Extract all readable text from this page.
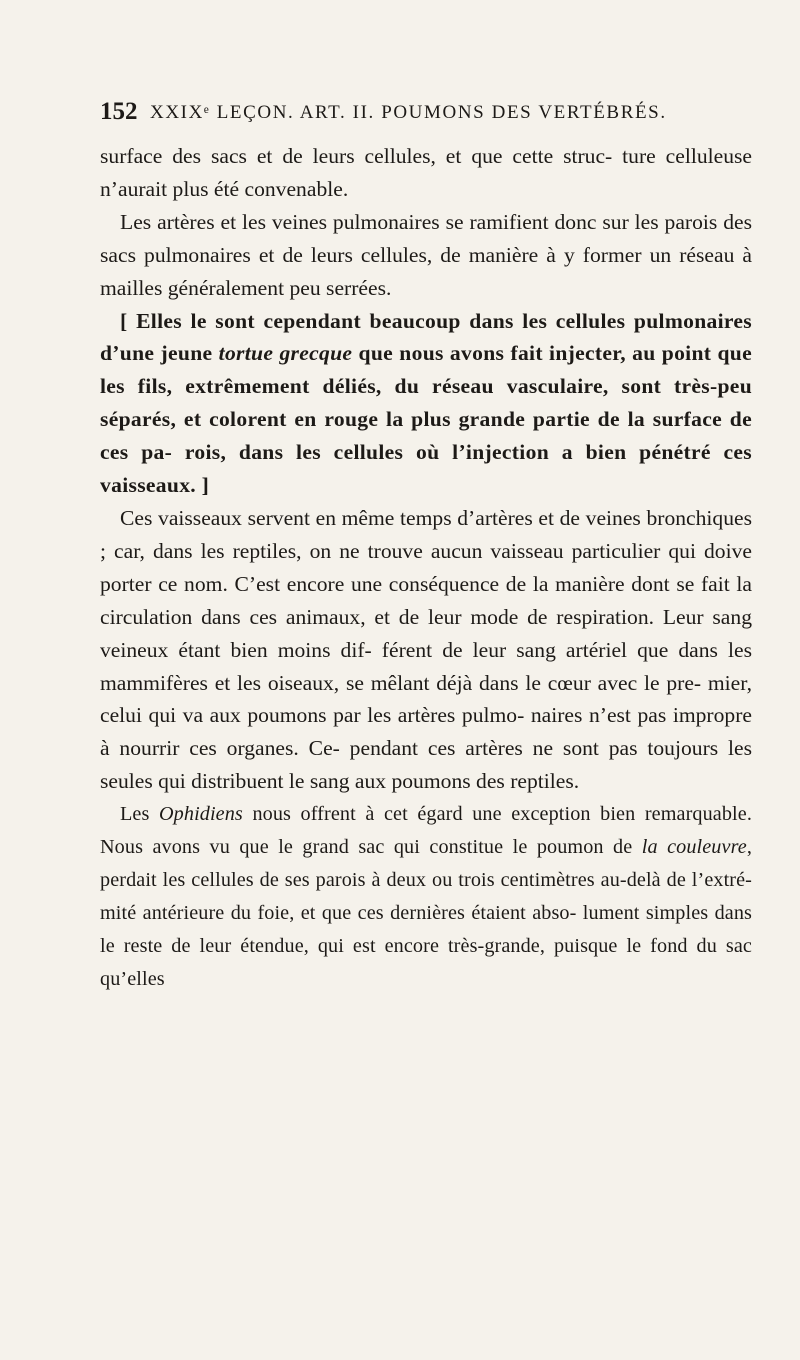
152 XXIXᵉ LEÇON. ART. II. POUMONS DES VERTÉBRÉS.

surface des sacs et de leurs cellules, et que cette struc- ture celluleuse n’aurait plus été convenable.

Les artères et les veines pulmonaires se ramifient donc sur les parois des sacs pulmonaires et de leurs cellules, de manière à y former un réseau à mailles généralement peu serrées.

[ Elles le sont cependant beaucoup dans les cellules pulmonaires d’une jeune tortue grecque que nous avons fait injecter, au point que les fils, extrêmement déliés, du réseau vasculaire, sont très-peu séparés, et colorent en rouge la plus grande partie de la surface de ces pa- rois, dans les cellules où l’injection a bien pénétré ces vaisseaux. ]

Ces vaisseaux servent en même temps d’artères et de veines bronchiques ; car, dans les reptiles, on ne trouve aucun vaisseau particulier qui doive porter ce nom. C’est encore une conséquence de la manière dont se fait la circulation dans ces animaux, et de leur mode de respiration. Leur sang veineux étant bien moins dif- férent de leur sang artériel que dans les mammifères et les oiseaux, se mêlant déjà dans le cœur avec le pre- mier, celui qui va aux poumons par les artères pulmo- naires n’est pas impropre à nourrir ces organes. Ce- pendant ces artères ne sont pas toujours les seules qui distribuent le sang aux poumons des reptiles.

Les Ophidiens nous offrent à cet égard une exception bien remarquable. Nous avons vu que le grand sac qui constitue le poumon de la couleuvre, perdait les cellules de ses parois à deux ou trois centimètres au-delà de l’extré- mité antérieure du foie, et que ces dernières étaient abso- lument simples dans le reste de leur étendue, qui est encore très-grande, puisque le fond du sac qu’elles
